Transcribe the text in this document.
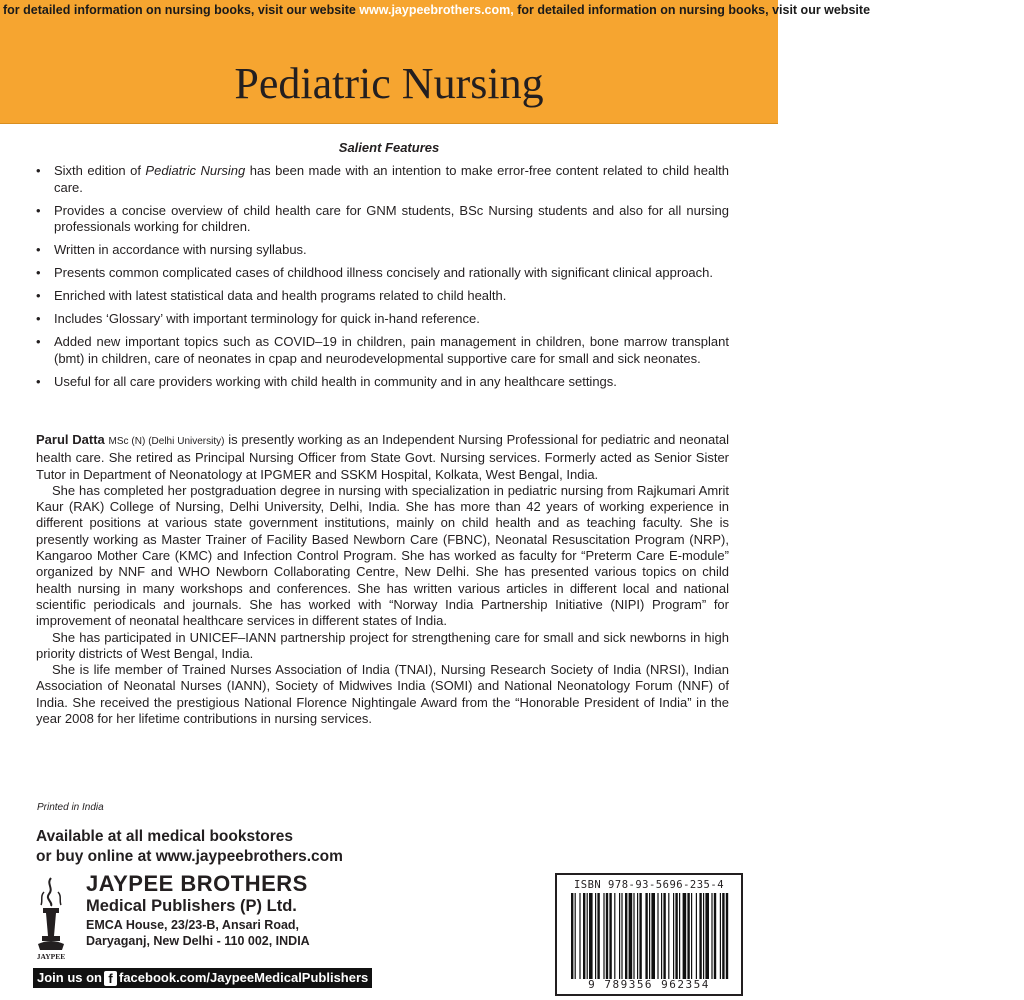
for detailed information on nursing books, visit our website www.jaypeebrothers.com, for detailed information on nursing books, visit our website www.jaypeebrothers.com
Pediatric Nursing
Salient Features
• Sixth edition of Pediatric Nursing has been made with an intention to make error-free content related to child health care.
• Provides a concise overview of child health care for GNM students, BSc Nursing students and also for all nursing professionals working for children.
• Written in accordance with nursing syllabus.
• Presents common complicated cases of childhood illness concisely and rationally with significant clinical approach.
• Enriched with latest statistical data and health programs related to child health.
• Includes ‘Glossary’ with important terminology for quick in-hand reference.
• Added new important topics such as COVID–19 in children, pain management in children, bone marrow transplant (bmt) in children, care of neonates in cpap and neurodevelopmental supportive care for small and sick neonates.
• Useful for all care providers working with child health in community and in any healthcare settings.

Parul Datta MSc (N) (Delhi University) is presently working as an Independent Nursing Professional for pediatric and neonatal health care. She retired as Principal Nursing Officer from State Govt. Nursing services. Formerly acted as Senior Sister Tutor in Department of Neonatology at IPGMER and SSKM Hospital, Kolkata, West Bengal, India.

She has completed her postgraduation degree in nursing with specialization in pediatric nursing from Rajkumari Amrit Kaur (RAK) College of Nursing, Delhi University, Delhi, India. She has more than 42 years of working experience in different positions at various state government institutions, mainly on child health and as teaching faculty. She is presently working as Master Trainer of Facility Based Newborn Care (FBNC), Neonatal Resuscitation Program (NRP), Kangaroo Mother Care (KMC) and Infection Control Program. She has worked as faculty for “Preterm Care E-module” organized by NNF and WHO Newborn Collaborating Centre, New Delhi. She has presented various topics on child health nursing in many workshops and conferences. She has written various articles in different local and national scientific periodicals and journals. She has worked with “Norway India Partnership Initiative (NIPI) Program” for improvement of neonatal healthcare services in different states of India.

She has participated in UNICEF–IANN partnership project for strengthening care for small and sick newborns in high priority districts of West Bengal, India.

She is life member of Trained Nurses Association of India (TNAI), Nursing Research Society of India (NRSI), Indian Association of Neonatal Nurses (IANN), Society of Midwives India (SOMI) and National Neonatology Forum (NNF) of India. She received the prestigious National Florence Nightingale Award from the “Honorable President of India” in the year 2008 for her lifetime contributions in nursing services.

Printed in India
Available at all medical bookstores
or buy online at www.jaypeebrothers.com
JAYPEE
JAYPEE BROTHERS
Medical Publishers (P) Ltd.
EMCA House, 23/23-B, Ansari Road,
Daryaganj, New Delhi - 110 002, INDIA
Join us on f facebook.com/JaypeeMedicalPublishers
ISBN 978-93-5696-235-4
9 789356 962354
